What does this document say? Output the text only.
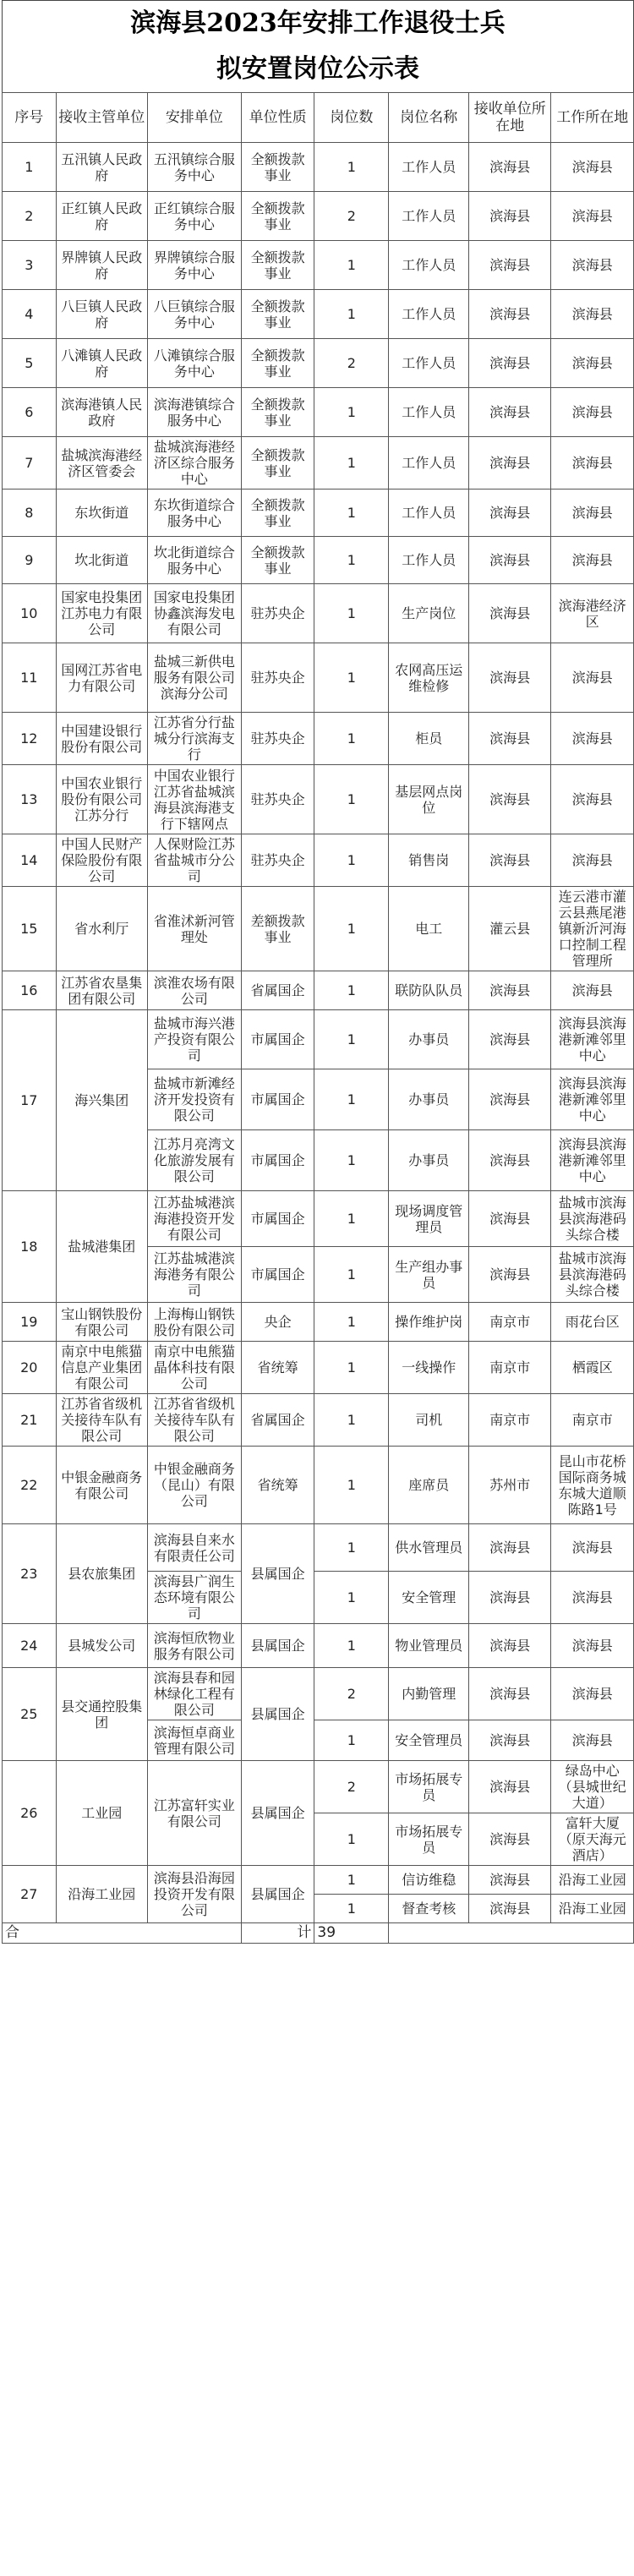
滨海县2023年安排工作退役士兵
拟安置岗位公示表
序号	接收主管单位	安排单位	单位性质	岗位数	岗位名称	接收单位所在地	工作所在地
1	五汛镇人民政府	五汛镇综合服务中心	全额拨款事业	1	工作人员	滨海县	滨海县
2	正红镇人民政府	正红镇综合服务中心	全额拨款事业	2	工作人员	滨海县	滨海县
3	界牌镇人民政府	界牌镇综合服务中心	全额拨款事业	1	工作人员	滨海县	滨海县
4	八巨镇人民政府	八巨镇综合服务中心	全额拨款事业	1	工作人员	滨海县	滨海县
5	八滩镇人民政府	八滩镇综合服务中心	全额拨款事业	2	工作人员	滨海县	滨海县
6	滨海港镇人民政府	滨海港镇综合服务中心	全额拨款事业	1	工作人员	滨海县	滨海县
7	盐城滨海港经济区管委会	盐城滨海港经济区综合服务中心	全额拨款事业	1	工作人员	滨海县	滨海县
8	东坎街道	东坎街道综合服务中心	全额拨款事业	1	工作人员	滨海县	滨海县
9	坎北街道	坎北街道综合服务中心	全额拨款事业	1	工作人员	滨海县	滨海县
10	国家电投集团江苏电力有限公司	国家电投集团协鑫滨海发电有限公司	驻苏央企	1	生产岗位	滨海县	滨海港经济区
11	国网江苏省电力有限公司	盐城三新供电服务有限公司滨海分公司	驻苏央企	1	农网高压运维检修	滨海县	滨海县
12	中国建设银行股份有限公司	江苏省分行盐城分行滨海支行	驻苏央企	1	柜员	滨海县	滨海县
13	中国农业银行股份有限公司江苏分行	中国农业银行江苏省盐城滨海县滨海港支行下辖网点	驻苏央企	1	基层网点岗位	滨海县	滨海县
14	中国人民财产保险股份有限公司	人保财险江苏省盐城市分公司	驻苏央企	1	销售岗	滨海县	滨海县
15	省水利厅	省淮沭新河管理处	差额拨款事业	1	电工	灌云县	连云港市灌云县燕尾港镇新沂河海口控制工程管理所
16	江苏省农垦集团有限公司	滨淮农场有限公司	省属国企	1	联防队队员	滨海县	滨海县
17	海兴集团	盐城市海兴港产投资有限公司	市属国企	1	办事员	滨海县	滨海县滨海港新滩邻里中心
		盐城市新滩经济开发投资有限公司	市属国企	1	办事员	滨海县	滨海县滨海港新滩邻里中心
		江苏月亮湾文化旅游发展有限公司	市属国企	1	办事员	滨海县	滨海县滨海港新滩邻里中心
18	盐城港集团	江苏盐城港滨海港投资开发有限公司	市属国企	1	现场调度管理员	滨海县	盐城市滨海县滨海港码头综合楼
		江苏盐城港滨海港务有限公司	市属国企	1	生产组办事员	滨海县	盐城市滨海县滨海港码头综合楼
19	宝山钢铁股份有限公司	上海梅山钢铁股份有限公司	央企	1	操作维护岗	南京市	雨花台区
20	南京中电熊猫信息产业集团有限公司	南京中电熊猫晶体科技有限公司	省统筹	1	一线操作	南京市	栖霞区
21	江苏省省级机关接待车队有限公司	江苏省省级机关接待车队有限公司	省属国企	1	司机	南京市	南京市
22	中银金融商务有限公司	中银金融商务（昆山）有限公司	省统筹	1	座席员	苏州市	昆山市花桥国际商务城东城大道顺陈路1号
23	县农旅集团	滨海县自来水有限责任公司	县属国企	1	供水管理员	滨海县	滨海县
		滨海县广润生态环境有限公司		1	安全管理	滨海县	滨海县
24	县城发公司	滨海恒欣物业服务有限公司	县属国企	1	物业管理员	滨海县	滨海县
25	县交通控股集团	滨海县春和园林绿化工程有限公司	县属国企	2	内勤管理	滨海县	滨海县
		滨海恒卓商业管理有限公司		1	安全管理员	滨海县	滨海县
26	工业园	江苏富轩实业有限公司	县属国企	2	市场拓展专员	滨海县	绿岛中心（县城世纪大道）
				1	市场拓展专员	滨海县	富轩大厦（原天海元酒店）
27	沿海工业园	滨海县沿海园投资开发有限公司	县属国企	1	信访维稳	滨海县	沿海工业园
				1	督查考核	滨海县	沿海工业园
合			计	39			
